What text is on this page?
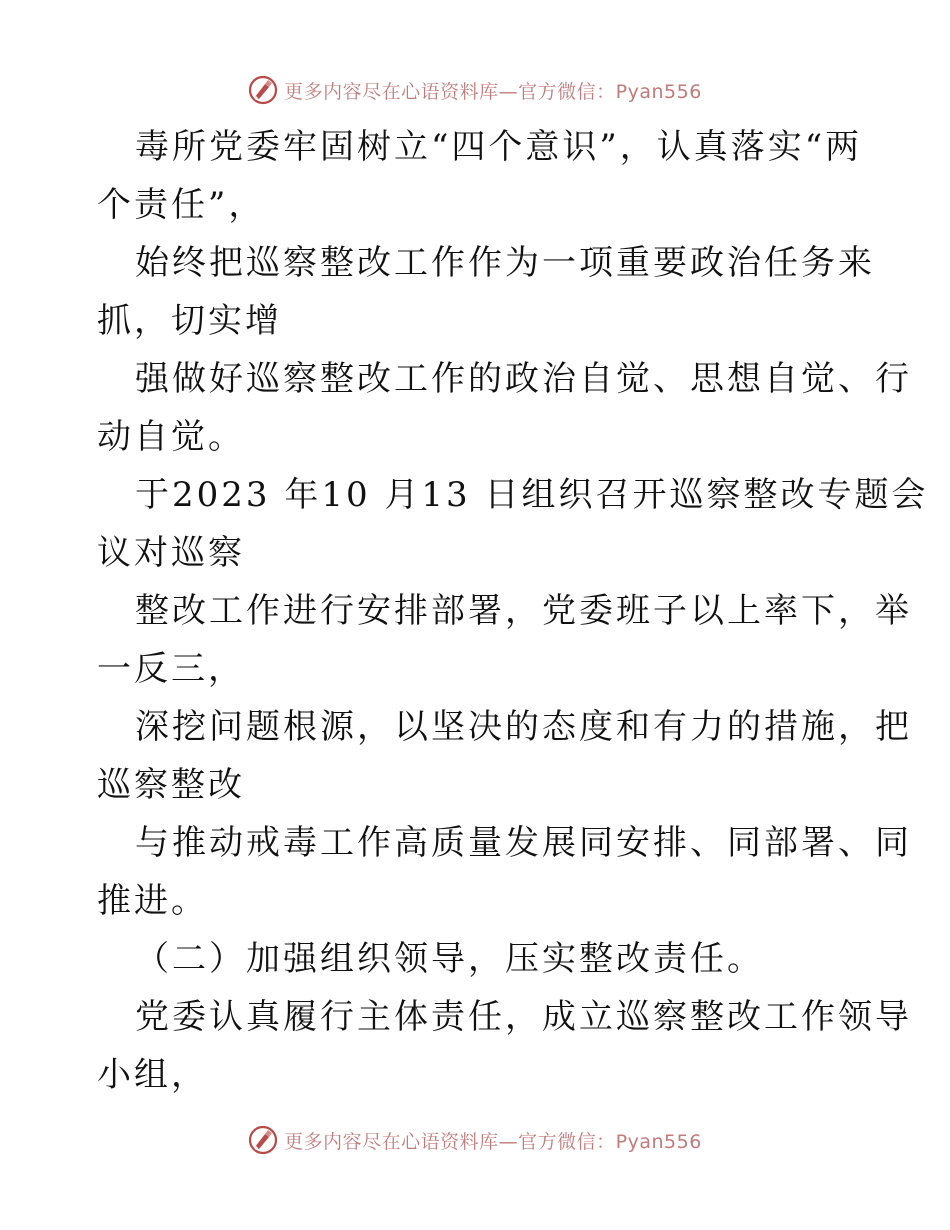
更多内容尽在心语资料库—官方微信：Pyan556
毒所党委牢固树立“四个意识”，认真落实“两
个责任”，
始终把巡察整改工作作为一项重要政治任务来
抓，切实增
强做好巡察整改工作的政治自觉、思想自觉、行
动自觉。
于2023 年10 月13 日组织召开巡察整改专题会
议对巡察
整改工作进行安排部署，党委班子以上率下，举
一反三，
深挖问题根源，以坚决的态度和有力的措施，把
巡察整改
与推动戒毒工作高质量发展同安排、同部署、同
推进。
（二）加强组织领导，压实整改责任。
党委认真履行主体责任，成立巡察整改工作领导
小组，
更多内容尽在心语资料库—官方微信：Pyan556
